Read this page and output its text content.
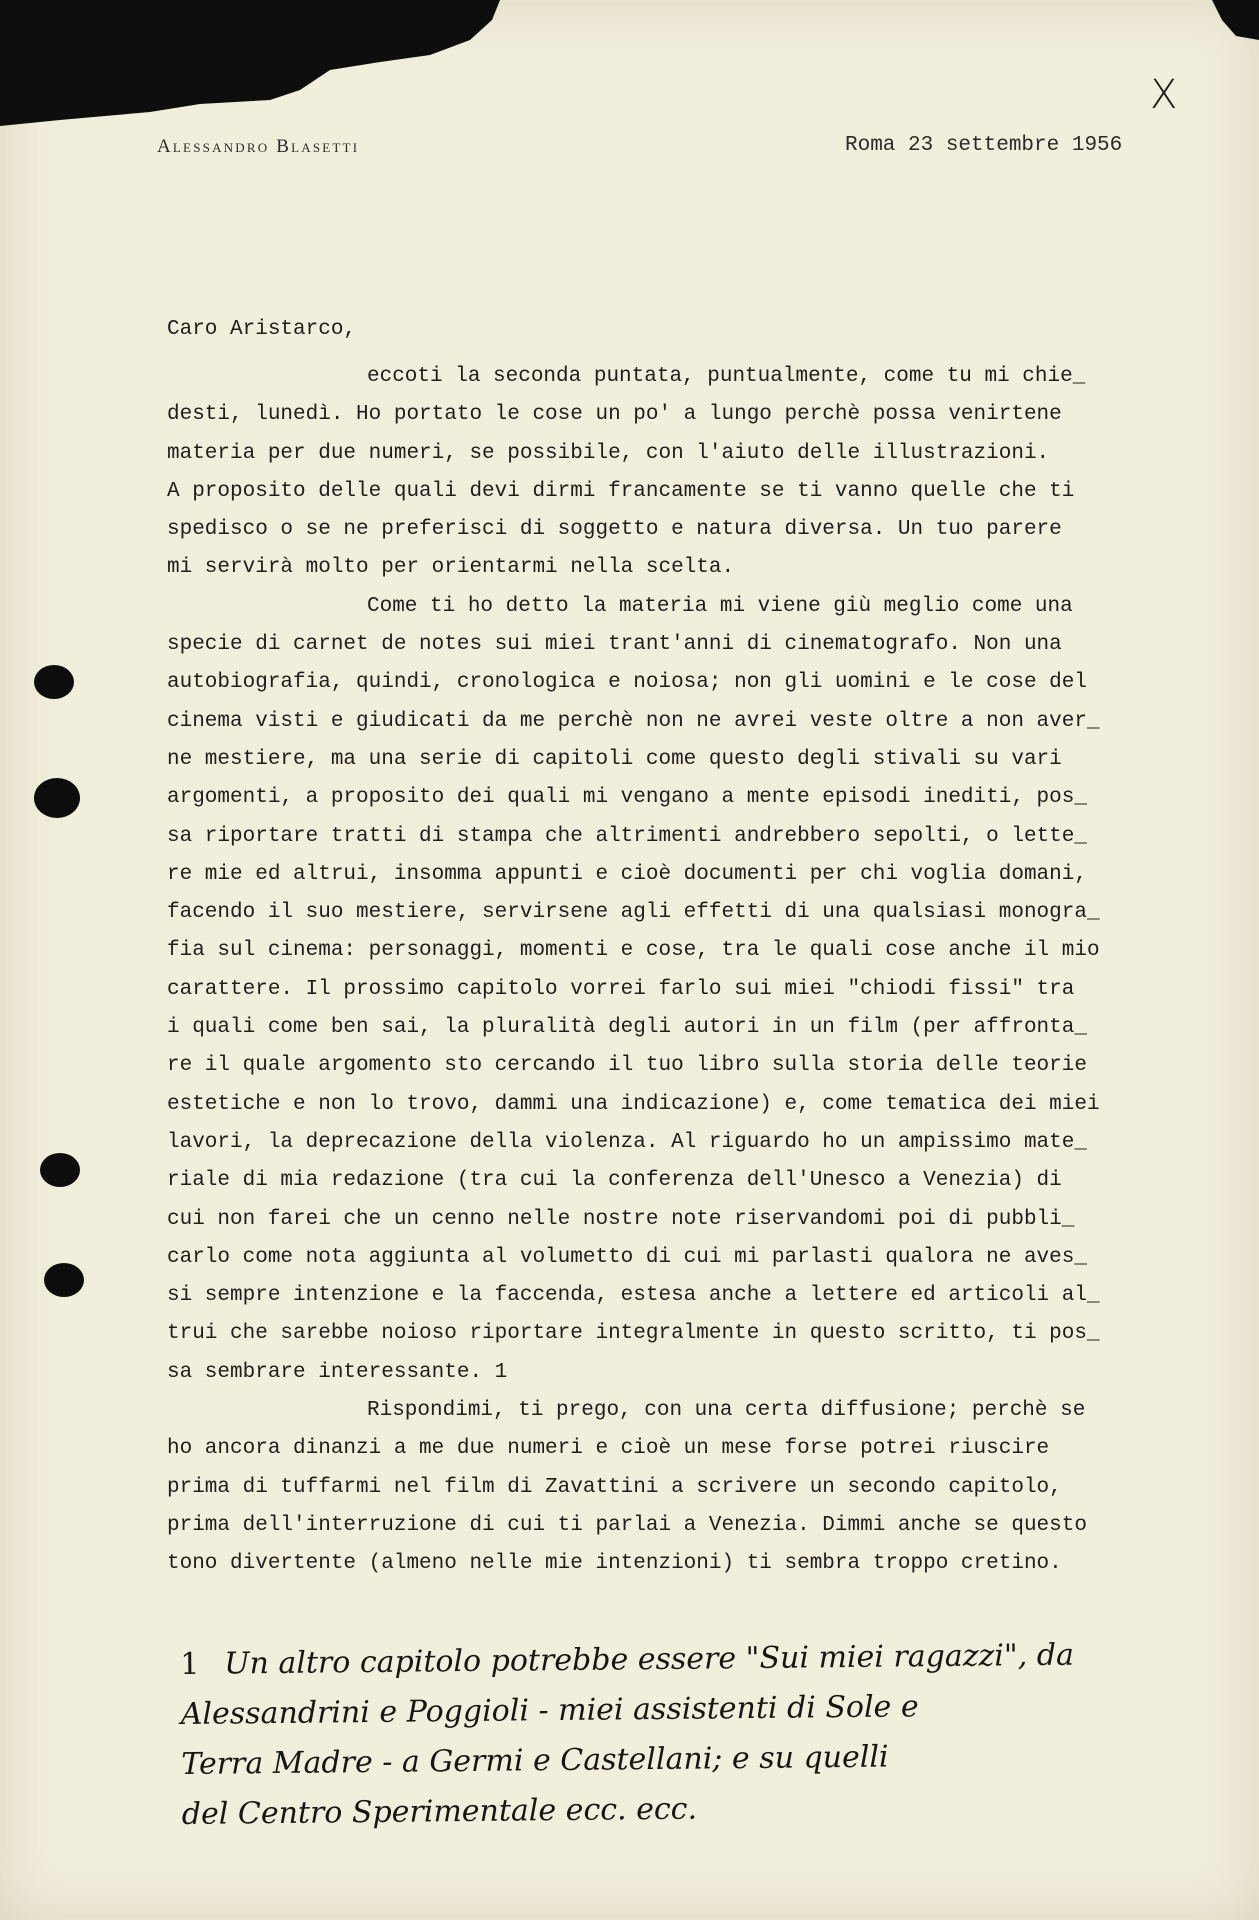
Alessandro Blasetti	Roma 23 settembre 1956
X
Caro Aristarco,
eccoti la seconda puntata, puntualmente, come tu mi chie_
desti, lunedì. Ho portato le cose un po' a lungo perchè possa venirtene
materia per due numeri, se possibile, con l'aiuto delle illustrazioni.
A proposito delle quali devi dirmi francamente se ti vanno quelle che ti
spedisco o se ne preferisci di soggetto e natura diversa. Un tuo parere
mi servirà molto per orientarmi nella scelta.
Come ti ho detto la materia mi viene giù meglio come una
specie di carnet de notes sui miei trant'anni di cinematografo. Non una
autobiografia, quindi, cronologica e noiosa; non gli uomini e le cose del
cinema visti e giudicati da me perchè non ne avrei veste oltre a non aver_
ne mestiere, ma una serie di capitoli come questo degli stivali su vari
argomenti, a proposito dei quali mi vengano a mente episodi inediti, pos_
sa riportare tratti di stampa che altrimenti andrebbero sepolti, o lette_
re mie ed altrui, insomma appunti e cioè documenti per chi voglia domani,
facendo il suo mestiere, servirsene agli effetti di una qualsiasi monogra_
fia sul cinema: personaggi, momenti e cose, tra le quali cose anche il mio
carattere. Il prossimo capitolo vorrei farlo sui miei "chiodi fissi" tra
i quali come ben sai, la pluralità degli autori in un film (per affronta_
re il quale argomento sto cercando il tuo libro sulla storia delle teorie
estetiche e non lo trovo, dammi una indicazione) e, come tematica dei miei
lavori, la deprecazione della violenza. Al riguardo ho un ampissimo mate_
riale di mia redazione (tra cui la conferenza dell'Unesco a Venezia) di
cui non farei che un cenno nelle nostre note riservandomi poi di pubbli_
carlo come nota aggiunta al volumetto di cui mi parlasti qualora ne aves_
si sempre intenzione e la faccenda, estesa anche a lettere ed articoli al_
trui che sarebbe noioso riportare integralmente in questo scritto, ti pos_
sa sembrare interessante. 1
Rispondimi, ti prego, con una certa diffusione; perchè se
ho ancora dinanzi a me due numeri e cioè un mese forse potrei riuscire
prima di tuffarmi nel film di Zavattini a scrivere un secondo capitolo,
prima dell'interruzione di cui ti parlai a Venezia. Dimmi anche se questo
tono divertente (almeno nelle mie intenzioni) ti sembra troppo cretino.
1 Un altro capitolo potrebbe essere "Sui miei ragazzi", da
Alessandrini e Poggioli - miei assistenti di Sole e
Terra Madre - a Germi e Castellani; e su quelli
del Centro Sperimentale ecc. ecc.
